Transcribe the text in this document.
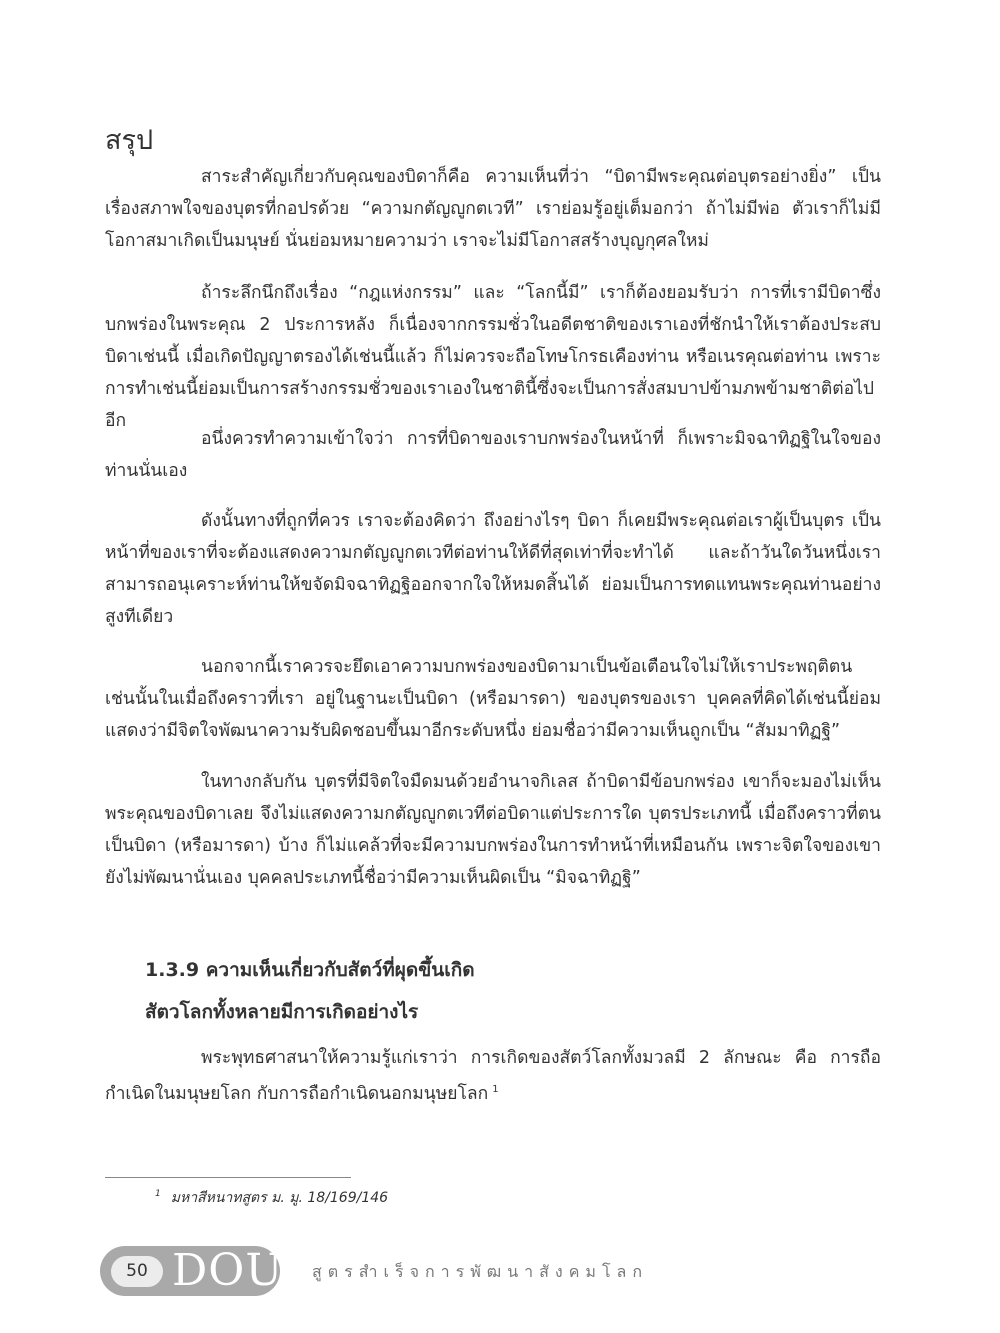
สรุป

สาระสำคัญเกี่ยวกับคุณของบิดาก็คือ ความเห็นที่ว่า “บิดามีพระคุณต่อบุตรอย่างยิ่ง” เป็นเรื่องสภาพใจของบุตรที่กอปรด้วย “ความกตัญญูกตเวที” เราย่อมรู้อยู่เต็มอกว่า ถ้าไม่มีพ่อ ตัวเราก็ไม่มีโอกาสมาเกิดเป็นมนุษย์ นั่นย่อมหมายความว่า เราจะไม่มีโอกาสสร้างบุญกุศลใหม่

ถ้าระลึกนึกถึงเรื่อง “กฎแห่งกรรม” และ “โลกนี้มี” เราก็ต้องยอมรับว่า การที่เรามีบิดาซึ่งบกพร่องในพระคุณ 2 ประการหลัง ก็เนื่องจากกรรมชั่วในอดีตชาติของเราเองที่ชักนำให้เราต้องประสบบิดาเช่นนี้ เมื่อเกิดปัญญาตรองได้เช่นนี้แล้ว ก็ไม่ควรจะถือโทษโกรธเคืองท่าน หรือเนรคุณต่อท่าน เพราะการทำเช่นนี้ย่อมเป็นการสร้างกรรมชั่วของเราเองในชาตินี้ซึ่งจะเป็นการสั่งสมบาปข้ามภพข้ามชาติต่อไปอีก

อนึ่งควรทำความเข้าใจว่า การที่บิดาของเราบกพร่องในหน้าที่ ก็เพราะมิจฉาทิฏฐิในใจของท่านนั่นเอง

ดังนั้นทางที่ถูกที่ควร เราจะต้องคิดว่า ถึงอย่างไรๆ บิดา ก็เคยมีพระคุณต่อเราผู้เป็นบุตร เป็นหน้าที่ของเราที่จะต้องแสดงความกตัญญูกตเวทีต่อท่านให้ดีที่สุดเท่าที่จะทำได้ และถ้าวันใดวันหนึ่งเราสามารถอนุเคราะห์ท่านให้ขจัดมิจฉาทิฏฐิออกจากใจให้หมดสิ้นได้ ย่อมเป็นการทดแทนพระคุณท่านอย่างสูงทีเดียว

นอกจากนี้เราควรจะยึดเอาความบกพร่องของบิดามาเป็นข้อเตือนใจไม่ให้เราประพฤติตนเช่นนั้นในเมื่อถึงคราวที่เรา อยู่ในฐานะเป็นบิดา (หรือมารดา) ของบุตรของเรา บุคคลที่คิดได้เช่นนี้ย่อมแสดงว่ามีจิตใจพัฒนาความรับผิดชอบขึ้นมาอีกระดับหนึ่ง ย่อมชื่อว่ามีความเห็นถูกเป็น “สัมมาทิฏฐิ”

ในทางกลับกัน บุตรที่มีจิตใจมืดมนด้วยอำนาจกิเลส ถ้าบิดามีข้อบกพร่อง เขาก็จะมองไม่เห็นพระคุณของบิดาเลย จึงไม่แสดงความกตัญญูกตเวทีต่อบิดาแต่ประการใด บุตรประเภทนี้ เมื่อถึงคราวที่ตนเป็นบิดา (หรือมารดา) บ้าง ก็ไม่แคล้วที่จะมีความบกพร่องในการทำหน้าที่เหมือนกัน เพราะจิตใจของเขายังไม่พัฒนานั่นเอง บุคคลประเภทนี้ชื่อว่ามีความเห็นผิดเป็น “มิจฉาทิฏฐิ”

1.3.9 ความเห็นเกี่ยวกับสัตว์ที่ผุดขึ้นเกิด
สัตวโลกทั้งหลายมีการเกิดอย่างไร

พระพุทธศาสนาให้ความรู้แก่เราว่า การเกิดของสัตว์โลกทั้งมวลมี 2 ลักษณะ คือ การถือกำเนิดในมนุษยโลก กับการถือกำเนิดนอกมนุษยโลก $^1$

$^1$ มหาสีหนาทสูตร ม. มู. 18/169/146

50 DOU สูตรสำเร็จการพัฒนาสังคมโลก
